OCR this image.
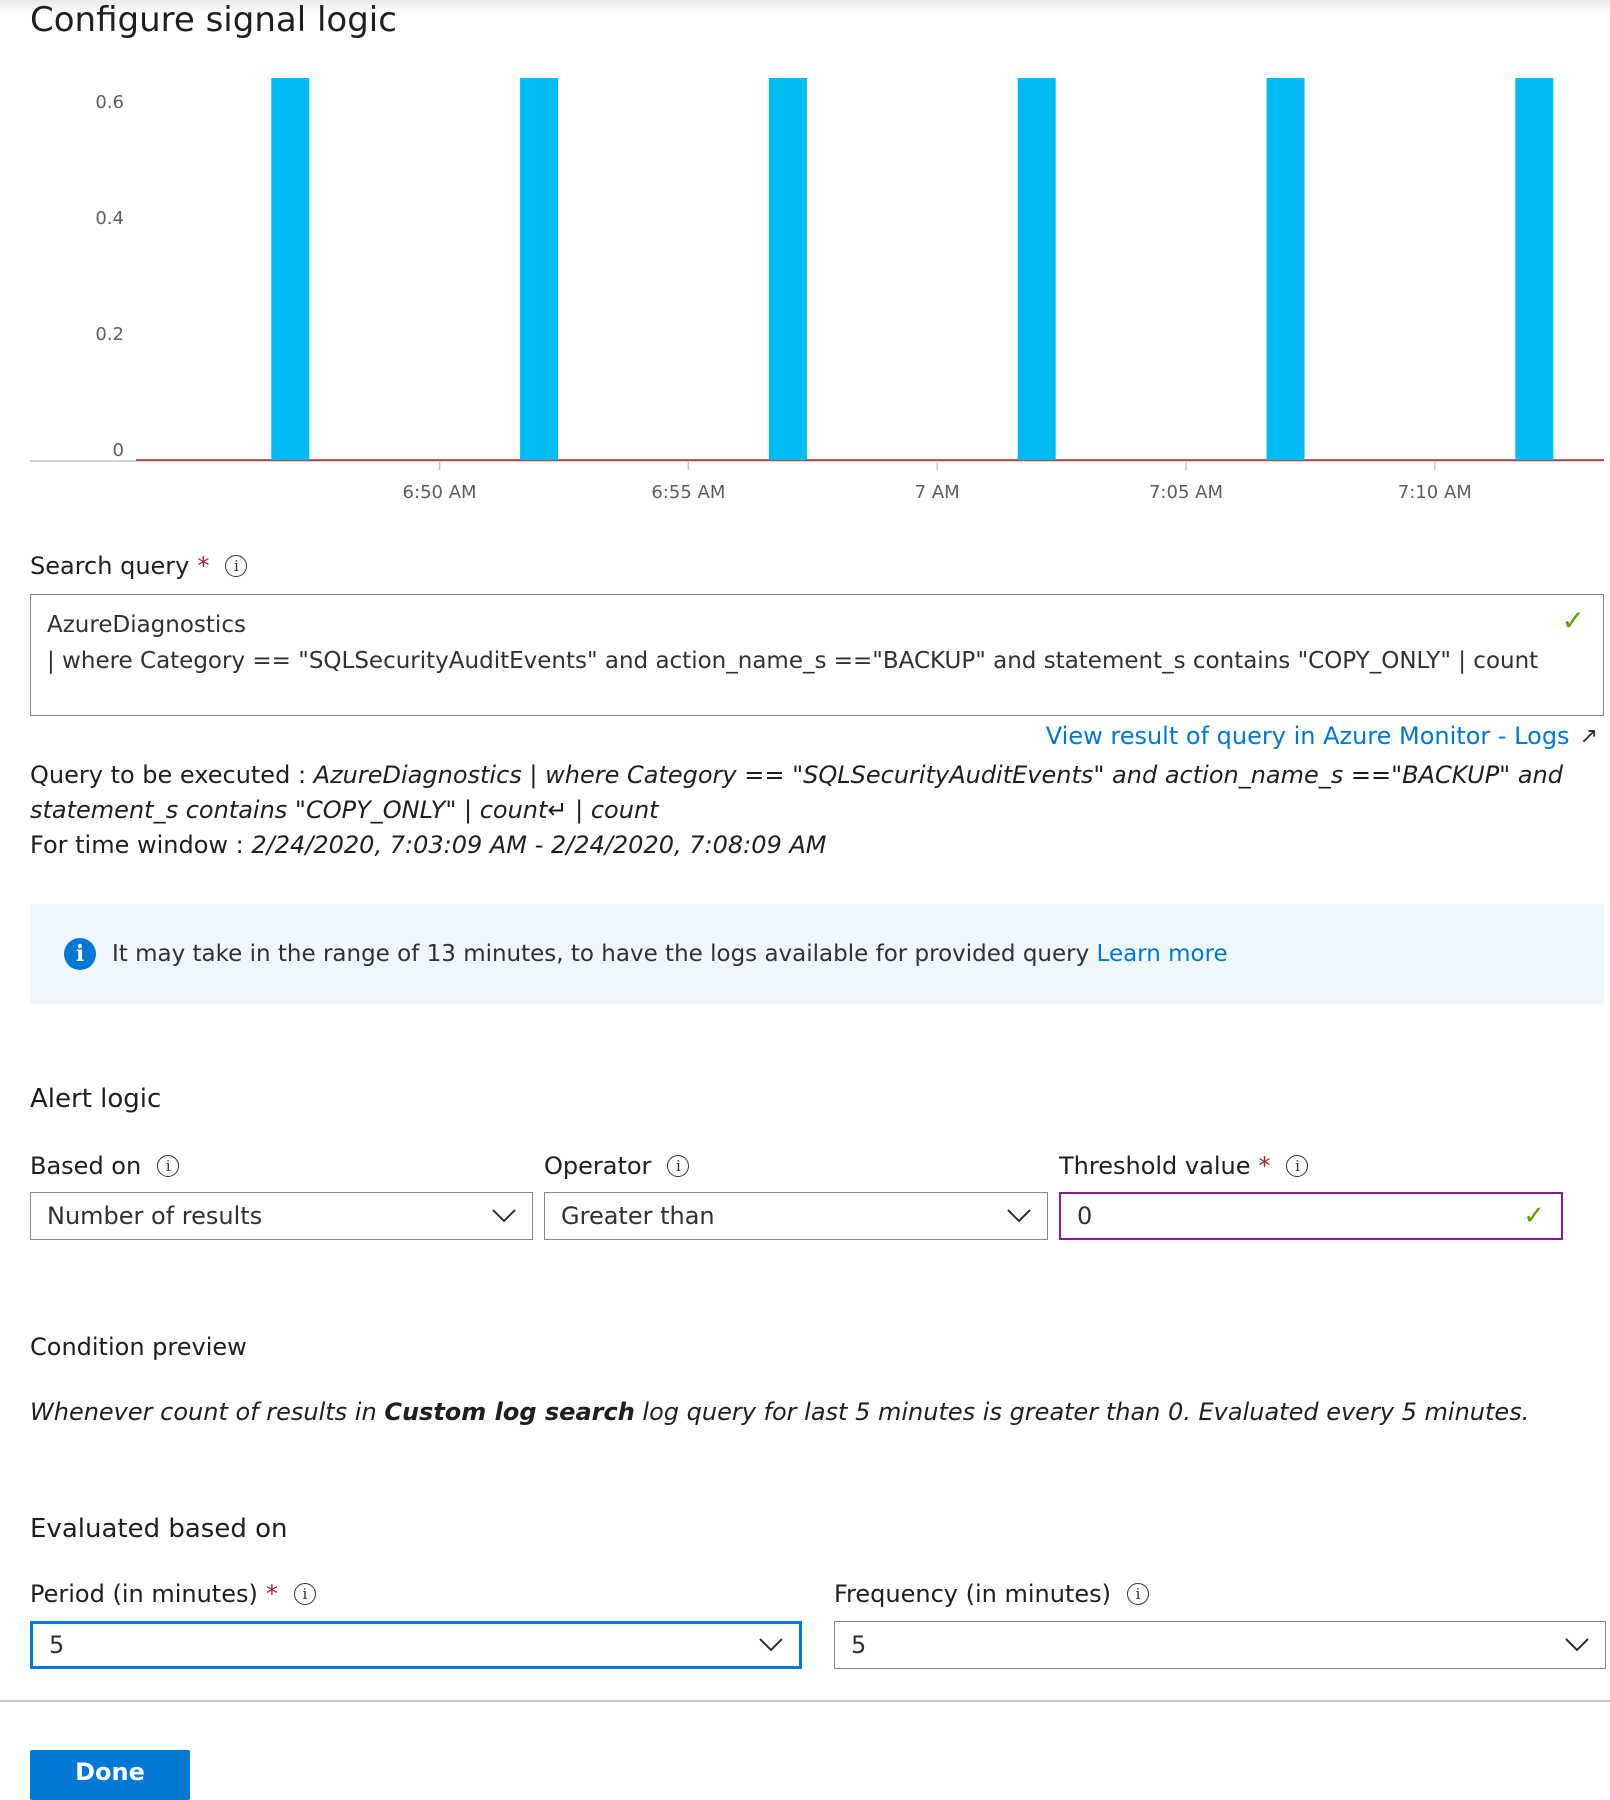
Configure signal logic
0
0.2
0.4
0.6
6:50 AM	6:55 AM	7 AM	7:05 AM	7:10 AM
Search query *	i
AzureDiagnostics
| where Category == "SQLSecurityAuditEvents" and action_name_s =="BACKUP" and statement_s contains "COPY_ONLY" | count
✓
View result of query in Azure Monitor - Logs ↗
Query to be executed : AzureDiagnostics | where Category == "SQLSecurityAuditEvents" and action_name_s =="BACKUP" and statement_s contains "COPY_ONLY" | count↵ | count
For time window : 2/24/2020, 7:03:09 AM - 2/24/2020, 7:08:09 AM
i	It may take in the range of 13 minutes, to have the logs available for provided query Learn more
Alert logic
Based on	i
Number of results
Operator	i
Greater than
Threshold value *	i
0	✓
Condition preview
Whenever count of results in Custom log search log query for last 5 minutes is greater than 0. Evaluated every 5 minutes.
Evaluated based on
Period (in minutes) *	i
5
Frequency (in minutes)	i
5
Done
